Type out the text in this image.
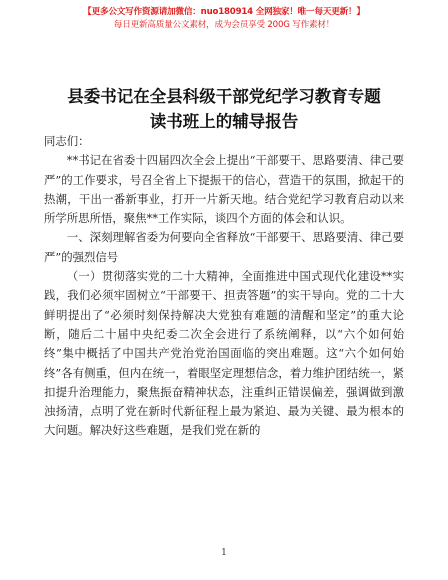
【更多公文写作资源请加微信：nuo180914 全网独家！唯一每天更新！】
每日更新高质量公文素材，成为会员享受 200G 写作素材！
县委书记在全县科级干部党纪学习教育专题读书班上的辅导报告

同志们：

**书记在省委十四届四次全会上提出“干部要干、思路要清、律己要严”的工作要求，号召全省上下提振干的信心，营造干的氛围，掀起干的热潮，干出一番新事业，打开一片新天地。结合党纪学习教育启动以来所学所思所悟，聚焦**工作实际，谈四个方面的体会和认识。

一、深刻理解省委为何要向全省释放“干部要干、思路要清、律己要严”的强烈信号

（一）贯彻落实党的二十大精神，全面推进中国式现代化建设**实践，我们必须牢固树立“干部要干、担责答题”的实干导向。党的二十大鲜明提出了“必须时刻保持解决大党独有难题的清醒和坚定”的重大论断，随后二十届中央纪委二次全会进行了系统阐释，以“六个如何始终”集中概括了中国共产党治党治国面临的突出难题。这“六个如何始终”各有侧重，但内在统一，着眼坚定理想信念，着力维护团结统一，紧扣提升治理能力，聚焦振奋精神状态，注重纠正错误偏差，强调做到激浊扬清，点明了党在新时代新征程上最为紧迫、最为关键、最为根本的大问题。解决好这些难题，是我们党在新的

1
